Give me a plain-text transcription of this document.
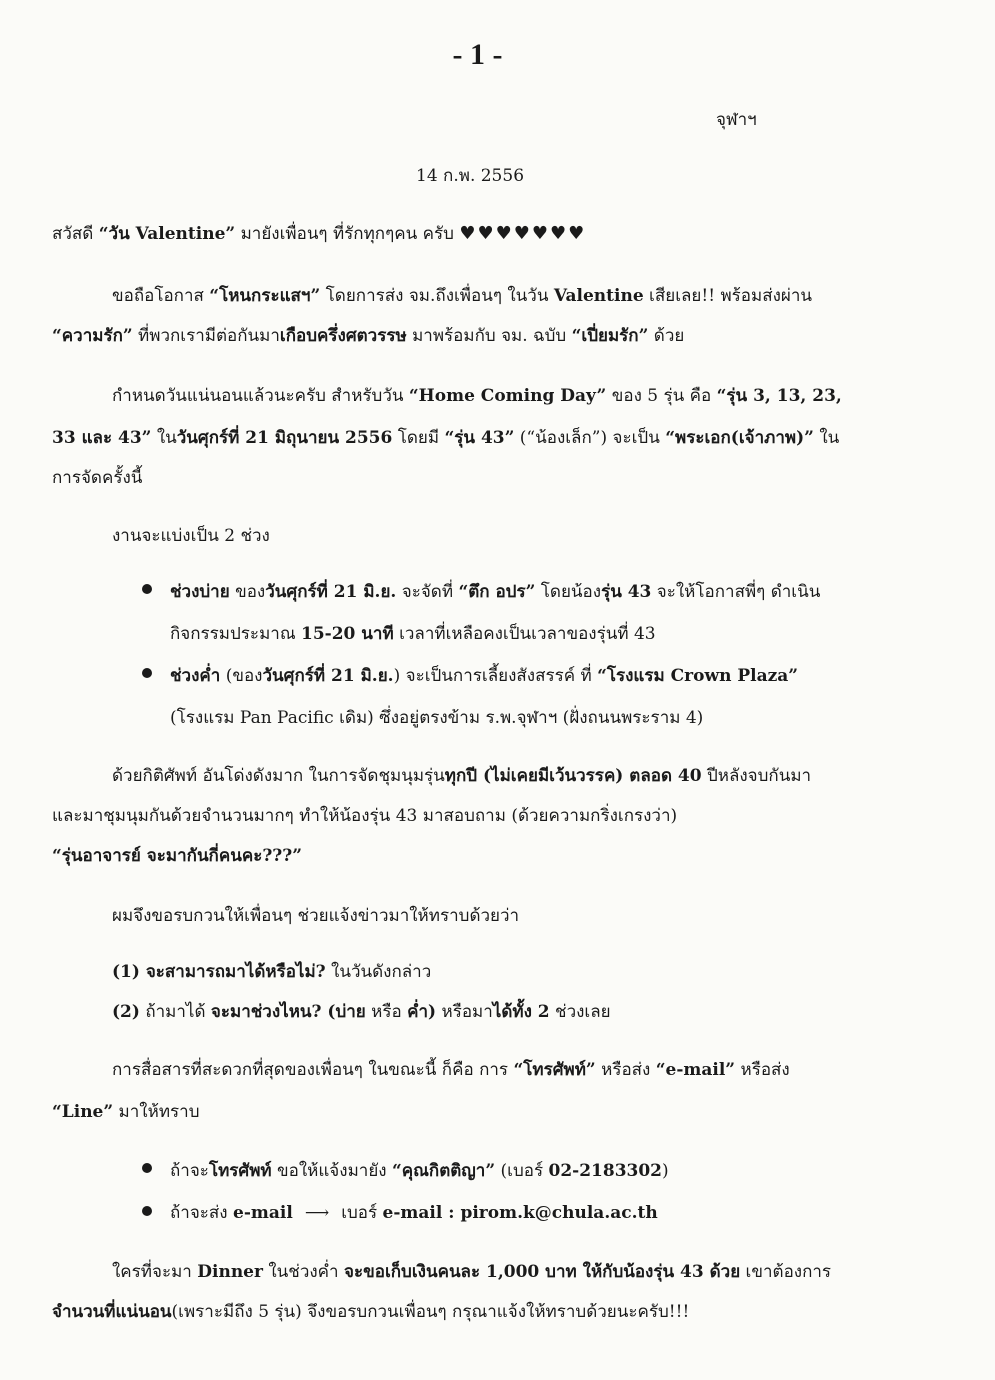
- 1 -
จุฬาฯ
14 ก.พ. 2556
สวัสดี “วัน Valentine” มายังเพื่อนๆ ที่รักทุกๆคน ครับ ♥♥♥♥♥♥♥
ขอถือโอกาส “โหนกระแสฯ” โดยการส่ง จม.ถึงเพื่อนๆ ในวัน Valentine เสียเลย!! พร้อมส่งผ่าน
“ความรัก” ที่พวกเรามีต่อกันมาเกือบครึ่งศตวรรษ มาพร้อมกับ จม. ฉบับ “เปี่ยมรัก” ด้วย
กำหนดวันแน่นอนแล้วนะครับ สำหรับวัน “Home Coming Day” ของ 5 รุ่น คือ “รุ่น 3, 13, 23,
33 และ 43” ในวันศุกร์ที่ 21 มิถุนายน 2556 โดยมี “รุ่น 43” (“น้องเล็ก”) จะเป็น “พระเอก(เจ้าภาพ)” ใน
การจัดครั้งนี้
งานจะแบ่งเป็น 2 ช่วง
ช่วงบ่าย ของวันศุกร์ที่ 21 มิ.ย. จะจัดที่ “ตึก อปร” โดยน้องรุ่น 43 จะให้โอกาสพี่ๆ ดำเนิน
กิจกรรมประมาณ 15-20 นาที เวลาที่เหลือคงเป็นเวลาของรุ่นที่ 43
ช่วงค่ำ (ของวันศุกร์ที่ 21 มิ.ย.) จะเป็นการเลี้ยงสังสรรค์ ที่ “โรงแรม Crown Plaza”
(โรงแรม Pan Pacific เดิม) ซึ่งอยู่ตรงข้าม ร.พ.จุฬาฯ (ฝั่งถนนพระราม 4)
ด้วยกิติศัพท์ อันโด่งดังมาก ในการจัดชุมนุมรุ่นทุกปี (ไม่เคยมีเว้นวรรค) ตลอด 40 ปีหลังจบกันมา
และมาชุมนุมกันด้วยจำนวนมากๆ ทำให้น้องรุ่น 43 มาสอบถาม (ด้วยความกริ่งเกรงว่า)
“รุ่นอาจารย์ จะมากันกี่คนคะ???”
ผมจึงขอรบกวนให้เพื่อนๆ ช่วยแจ้งข่าวมาให้ทราบด้วยว่า
(1) จะสามารถมาได้หรือไม่? ในวันดังกล่าว
(2) ถ้ามาได้ จะมาช่วงไหน? (บ่าย หรือ ค่ำ) หรือมาได้ทั้ง 2 ช่วงเลย
การสื่อสารที่สะดวกที่สุดของเพื่อนๆ ในขณะนี้ ก็คือ การ “โทรศัพท์” หรือส่ง “e-mail” หรือส่ง
“Line” มาให้ทราบ
ถ้าจะโทรศัพท์ ขอให้แจ้งมายัง “คุณกิตติญา” (เบอร์ 02-2183302)
ถ้าจะส่ง e-mail ⟶ เบอร์ e-mail : pirom.k@chula.ac.th
ใครที่จะมา Dinner ในช่วงค่ำ จะขอเก็บเงินคนละ 1,000 บาท ให้กับน้องรุ่น 43 ด้วย เขาต้องการ
จำนวนที่แน่นอน(เพราะมีถึง 5 รุ่น) จึงขอรบกวนเพื่อนๆ กรุณาแจ้งให้ทราบด้วยนะครับ!!!
